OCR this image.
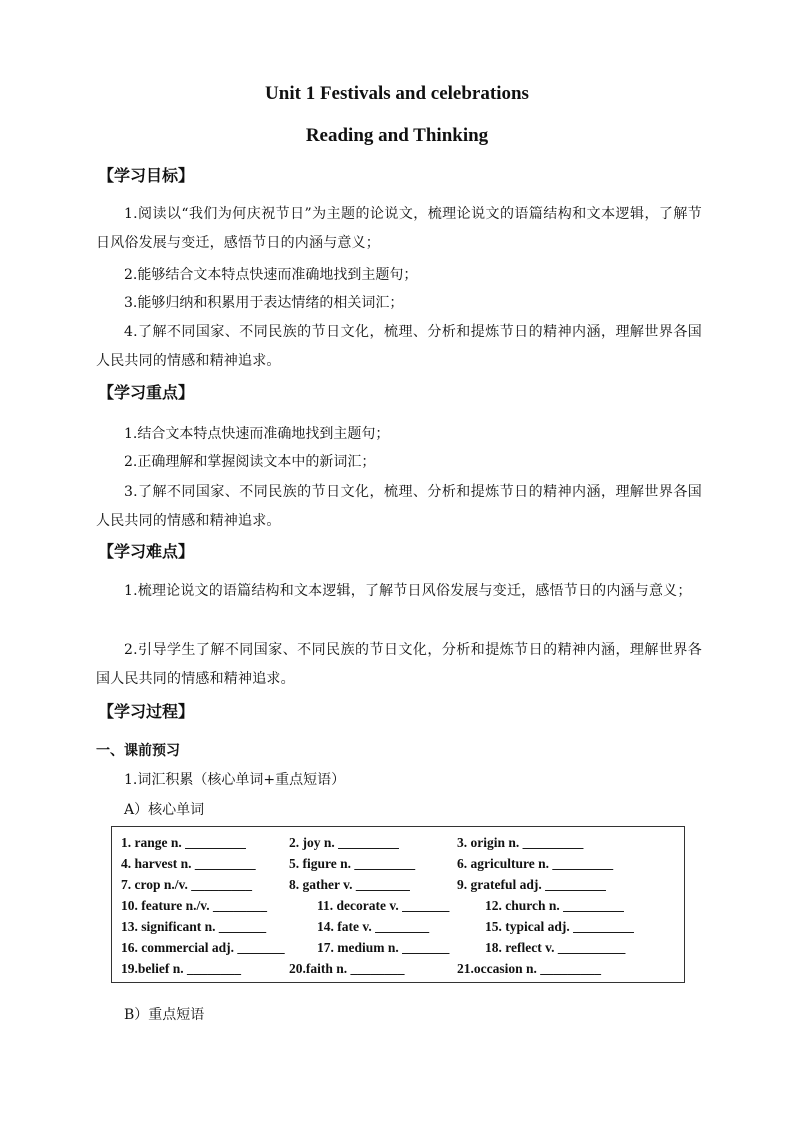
Unit 1 Festivals and celebrations
Reading and Thinking
【学习目标】
1.阅读以“我们为何庆祝节日”为主题的论说文，梳理论说文的语篇结构和文本逻辑，了解节日风俗发展与变迁，感悟节日的内涵与意义；
2.能够结合文本特点快速而准确地找到主题句；
3.能够归纳和积累用于表达情绪的相关词汇；
4.了解不同国家、不同民族的节日文化，梳理、分析和提炼节日的精神内涵，理解世界各国人民共同的情感和精神追求。
【学习重点】
1.结合文本特点快速而准确地找到主题句；
2.正确理解和掌握阅读文本中的新词汇；
3.了解不同国家、不同民族的节日文化，梳理、分析和提炼节日的精神内涵，理解世界各国人民共同的情感和精神追求。
【学习难点】
1.梳理论说文的语篇结构和文本逻辑，了解节日风俗发展与变迁，感悟节日的内涵与意义；
2.引导学生了解不同国家、不同民族的节日文化，分析和提炼节日的精神内涵，理解世界各国人民共同的情感和精神追求。
【学习过程】
一、课前预习
1.词汇积累（核心单词+重点短语）
A）核心单词
1. range n. _________	2. joy n. _________	3. origin n. _________
4. harvest n. _________ 5. figure n. _________	6. agriculture n. _________
7. crop n./v. _________	8. gather v. ________	9. grateful adj. _________
10. feature n./v. ________	11. decorate v. _______	12. church n. _________
13. significant n. _______	14. fate v. ________	15. typical adj. _________
16. commercial adj. _______ 17. medium n. _______	18. reflect v. __________
19.belief n. ________	20.faith n. ________	21.occasion n. _________
B）重点短语
